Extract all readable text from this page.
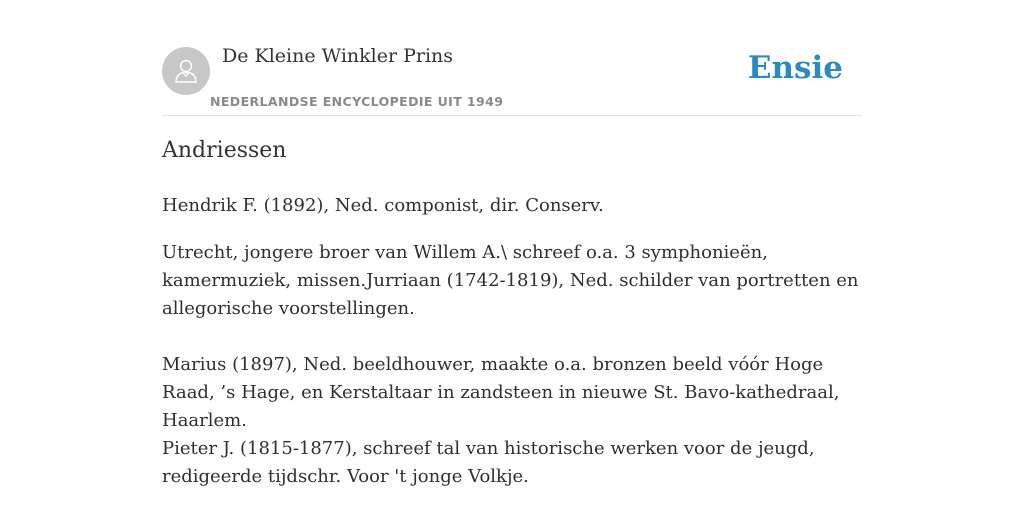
De Kleine Winkler Prins
NEDERLANDSE ENCYCLOPEDIE UIT 1949
Ensie
Andriessen

Hendrik F. (1892), Ned. componist, dir. Conserv.

Utrecht, jongere broer van Willem A.\ schreef o.a. 3 symphonieën, kamermuziek, missen.Jurriaan (1742-1819), Ned. schilder van portretten en allegorische voorstellingen.

Marius (1897), Ned. beeldhouwer, maakte o.a. bronzen beeld vóór Hoge Raad, ’s Hage, en Kerstaltaar in zandsteen in nieuwe St. Bavo-kathedraal, Haarlem.

Pieter J. (1815-1877), schreef tal van historische werken voor de jeugd, redigeerde tijdschr. Voor 't jonge Volkje.
